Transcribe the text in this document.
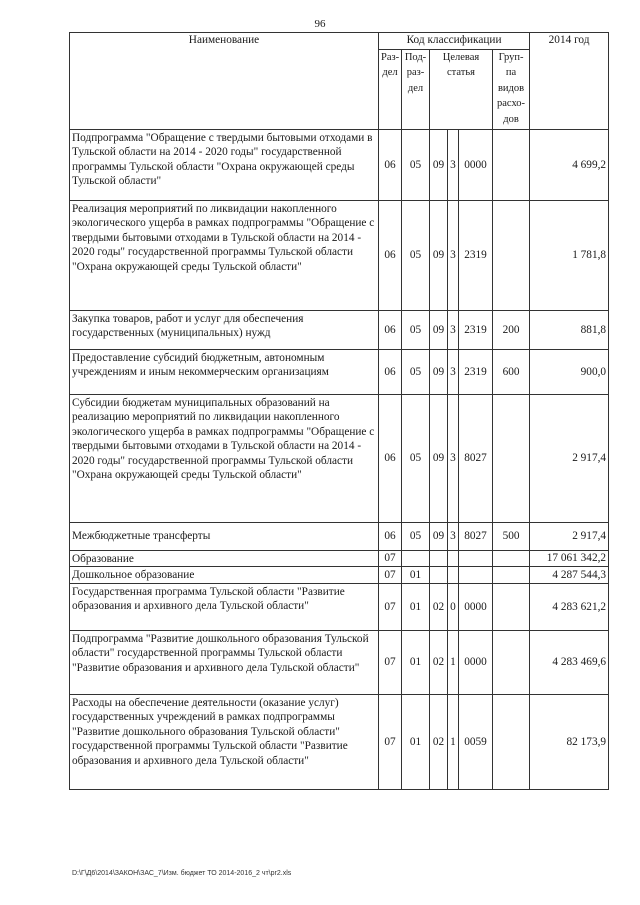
96
Наименование	Код классификации						2014 год
	Раз-дел	Под-раз-дел	Целевая статья			Груп-па видов расхо-дов	
Подпрограмма "Обращение с твердыми бытовыми отходами в Тульской области на 2014 - 2020 годы" государственной программы Тульской области "Охрана окружающей среды Тульской области"	06	05	09	3	0000		4 699,2
Реализация мероприятий по ликвидации накопленного экологического ущерба в рамках подпрограммы "Обращение с твердыми бытовыми отходами в Тульской области на 2014 - 2020 годы" государственной программы Тульской области "Охрана окружающей среды Тульской области"	06	05	09	3	2319		1 781,8
Закупка товаров, работ и услуг для обеспечения государственных (муниципальных) нужд	06	05	09	3	2319	200	881,8
Предоставление субсидий бюджетным, автономным учреждениям и иным некоммерческим организациям	06	05	09	3	2319	600	900,0
Субсидии бюджетам муниципальных образований на реализацию мероприятий по ликвидации накопленного экологического ущерба в рамках подпрограммы "Обращение с твердыми бытовыми отходами в Тульской области на 2014 - 2020 годы" государственной программы Тульской области "Охрана окружающей среды Тульской области"	06	05	09	3	8027		2 917,4
Межбюджетные трансферты	06	05	09	3	8027	500	2 917,4
Образование	07						17 061 342,2
Дошкольное образование	07	01					4 287 544,3
Государственная программа Тульской области "Развитие образования и архивного дела Тульской области"	07	01	02	0	0000		4 283 621,2
Подпрограмма "Развитие дошкольного образования Тульской области" государственной программы Тульской области "Развитие образования и архивного дела Тульской области"	07	01	02	1	0000		4 283 469,6
Расходы на обеспечение деятельности (оказание услуг) государственных учреждений в рамках подпрограммы "Развитие дошкольного образования Тульской области" государственной программы Тульской области "Развитие образования и архивного дела Тульской области"	07	01	02	1	0059		82 173,9
D:\Г\Д6\2014\ЗАКОН\ЗАС_7\Изм. бюджет ТО 2014-2016_2 чт\pr2.xls
